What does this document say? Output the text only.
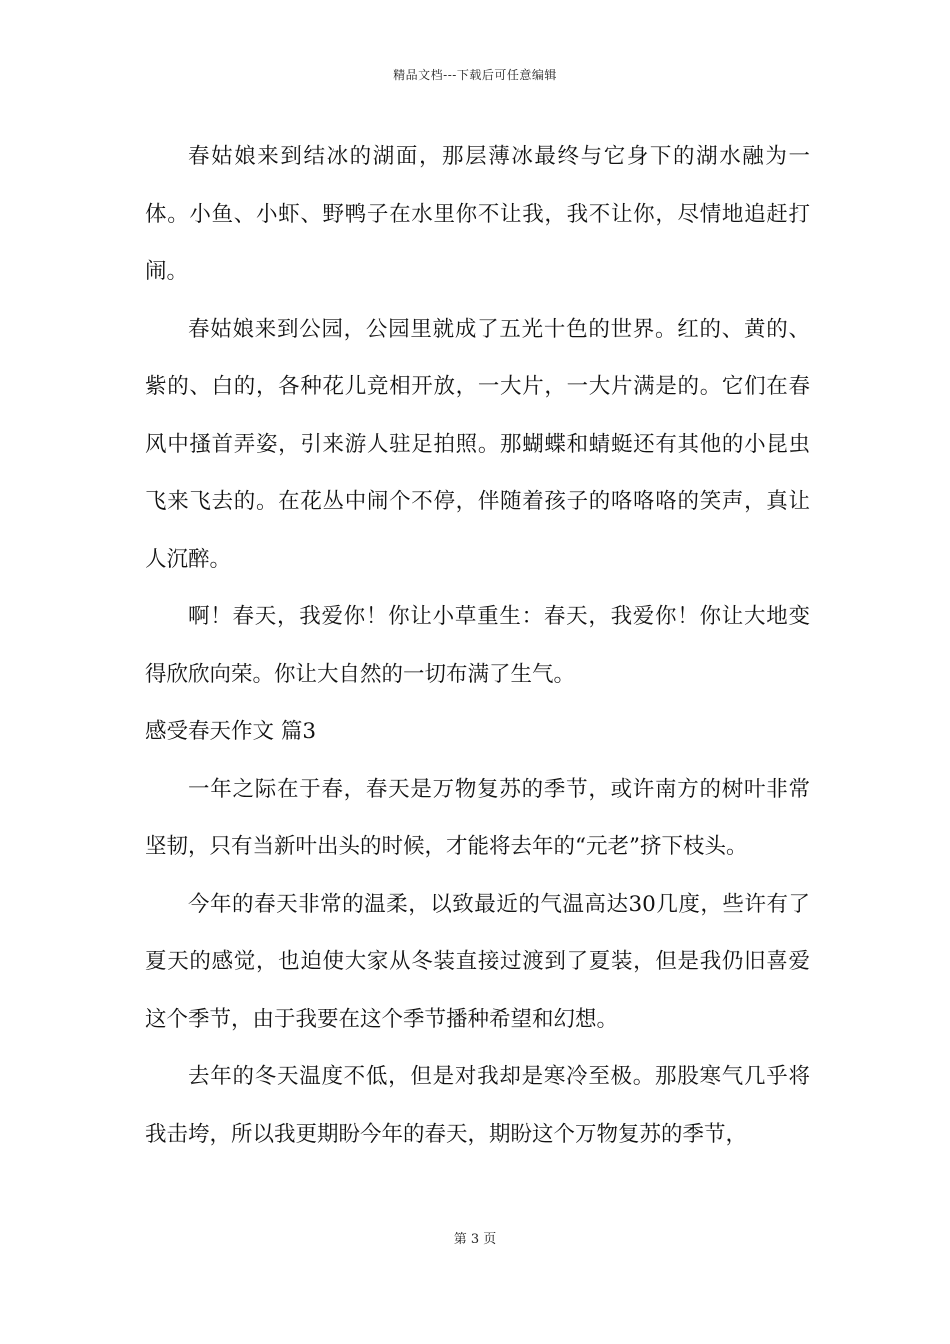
精品文档---下载后可任意编辑

春姑娘来到结冰的湖面，那层薄冰最终与它身下的湖水融为一体。小鱼、小虾、野鸭子在水里你不让我，我不让你，尽情地追赶打闹。

春姑娘来到公园，公园里就成了五光十色的世界。红的、黄的、紫的、白的，各种花儿竞相开放，一大片，一大片满是的。它们在春风中搔首弄姿，引来游人驻足拍照。那蝴蝶和蜻蜓还有其他的小昆虫飞来飞去的。在花丛中闹个不停，伴随着孩子的咯咯咯的笑声，真让人沉醉。

啊！春天，我爱你！你让小草重生：春天，我爱你！你让大地变得欣欣向荣。你让大自然的一切布满了生气。

感受春天作文 篇3

一年之际在于春，春天是万物复苏的季节，或许南方的树叶非常坚韧，只有当新叶出头的时候，才能将去年的“元老”挤下枝头。

今年的春天非常的温柔，以致最近的气温高达30几度，些许有了夏天的感觉，也迫使大家从冬装直接过渡到了夏装，但是我仍旧喜爱这个季节，由于我要在这个季节播种希望和幻想。

去年的冬天温度不低，但是对我却是寒冷至极。那股寒气几乎将我击垮，所以我更期盼今年的春天，期盼这个万物复苏的季节，

第 3 页
